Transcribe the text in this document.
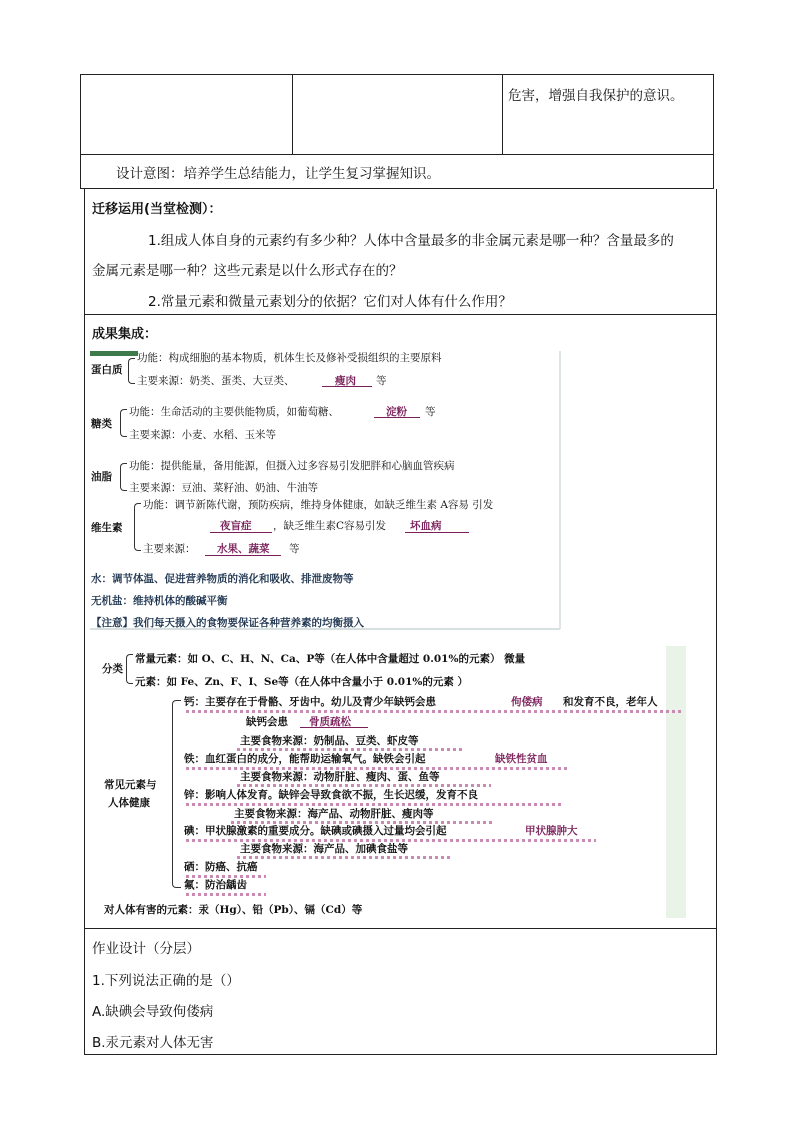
危害，增强自我保护的意识。
设计意图：培养学生总结能力，让学生复习掌握知识。
迁移运用(当堂检测）：
1.组成人体自身的元素约有多少种？人体中含量最多的非金属元素是哪一种？含量最多的
金属元素是哪一种？这些元素是以什么形式存在的？
2.常量元素和微量元素划分的依据？它们对人体有什么作用？
成果集成：
蛋白质
功能：构成细胞的基本物质，机体生长及修补受损组织的主要原料
主要来源：奶类、蛋类、大豆类、	瘦肉 等
糖类
功能：生命活动的主要供能物质，如葡萄糖、	淀粉 等
主要来源：小麦、水稻、玉米等
油脂
功能：提供能量，备用能源，但摄入过多容易引发肥胖和心脑血管疾病
主要来源：豆油、菜籽油、奶油、牛油等
维生素
功能：调节新陈代谢，预防疾病，维持身体健康，如缺乏维生素 A容易 引发
夜盲症 ，缺乏维生素C容易引发 坏血病
主要来源： 水果、蔬菜 等
水：调节体温、促进营养物质的消化和吸收、排泄废物等
无机盐：维持机体的酸碱平衡
【注意】我们每天摄入的食物要保证各种营养素的均衡摄入
分类
常量元素：如 O、C、H、N、Ca、P等（在人体中含量超过 0.01%的元素） 微量
元素：如 Fe、Zn、F、I、Se等（在人体中含量小于 0.01%的元素 ）
常见元素与
人体健康
钙：主要存在于骨骼、牙齿中。幼儿及青少年缺钙会患	佝偻病 和发育不良，老年人
缺钙会患 骨质疏松
主要食物来源：奶制品、豆类、虾皮等
铁：血红蛋白的成分，能帮助运输氧气。缺铁会引起	缺铁性贫血
主要食物来源：动物肝脏、瘦肉、蛋、鱼等
锌：影响人体发育。缺锌会导致食欲不振，生长迟缓，发育不良
主要食物来源：海产品、动物肝脏、瘦肉等
碘：甲状腺激素的重要成分。缺碘或碘摄入过量均会引起	甲状腺肿大
主要食物来源：海产品、加碘食盐等
硒：防癌、抗癌
氟：防治龋齿
对人体有害的元素：汞（Hg）、铅（Pb）、镉（Cd）等
作业设计（分层）
1.下列说法正确的是（）
A.缺碘会导致佝偻病
B.汞元素对人体无害
